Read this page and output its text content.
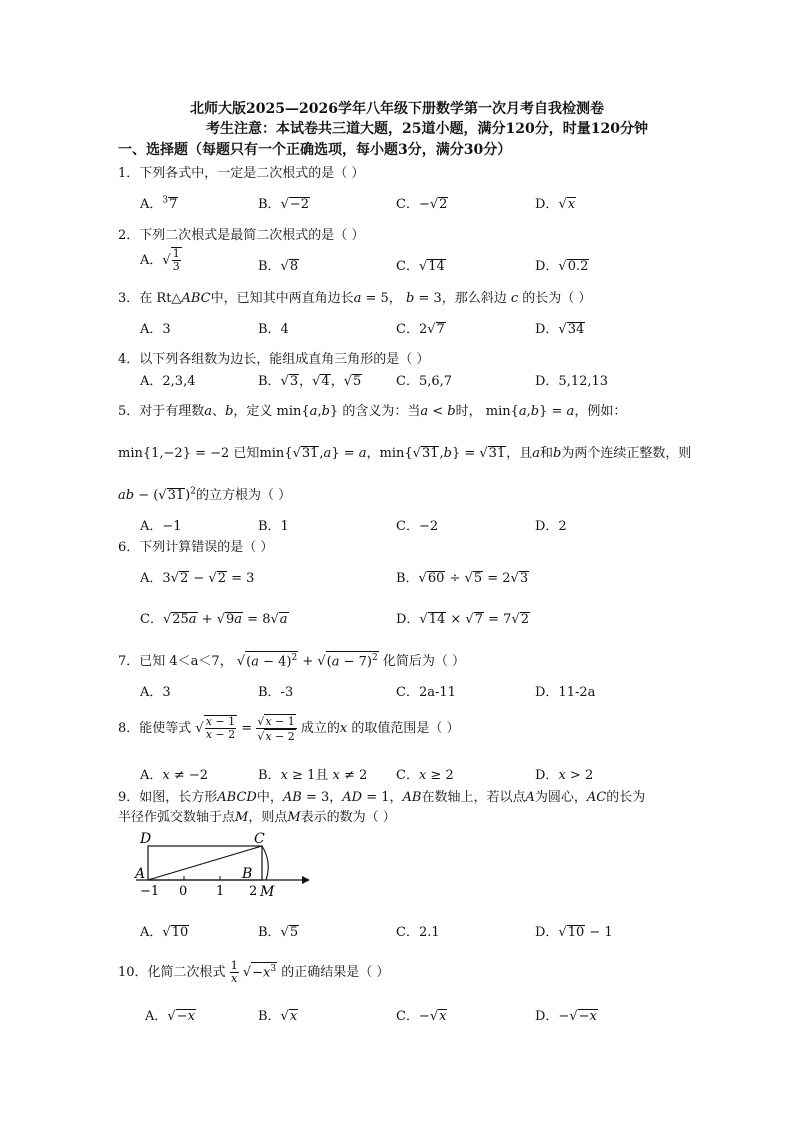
北师大版2025—2026学年八年级下册数学第一次月考自我检测卷
考生注意：本试卷共三道大题，25道小题，满分120分，时量120分钟
一、选择题（每题只有一个正确选项，每小题3分，满分30分）
1．下列各式中，一定是二次根式的是（ ）
A．$^3$7	B．√−2	C．−√2	D．√x
2．下列二次根式是最简二次根式的是（ ）
A．√ $\frac{1}{3}$	B．√8	C．√14	D．√0.2
3．在 Rt△ABC中，已知其中两直角边长a = 5， b = 3，那么斜边 c 的长为（ ）
A．3	B．4	C．2√7	D．√34
4．以下列各组数为边长，能组成直角三角形的是（ ）
A．2,3,4	B．√3，√4，√5	C．5,6,7	D．5,12,13
5．对于有理数a、b，定义 min{a,b} 的含义为：当a < b时， min{a,b} = a，例如：
min{1,−2} = −2 已知min{√31,a} = a，min{√31,b} = √31，且a和b为两个连续正整数，则
ab − $(√31)^2$的立方根为（ ）
A．−1	B．1	C．−2	D．2
6．下列计算错误的是（ ）
A．3√2 − √2 = 3	B．√60 ÷ √5 = 2√3
C．√25a + √9a = 8√a	D．√14 × √7 = 7√2
7．已知 4＜a＜7， $√(a - 4)^2 + √(a - 7)^2$ 化简后为（ ）
A．3	B．-3	C．2a-11	D．11-2a
8．能使等式 √ $\frac{x - 1}{x - 2} = \frac{√x - 1}{√x - 2}$ 成立的x 的取值范围是（ ）
A．x ≠ −2	B．x ≥ 1且 x ≠ 2 C．x ≥ 2	D．x > 2
9．如图，长方形ABCD中，AB = 3，AD = 1，AB在数轴上，若以点A为圆心，AC的长为
半径作弧交数轴于点M，则点M表示的数为（ ）
D	C
A	B
M
−1 0 1 2
A．√10	B．√5	C．2.1	D．√10 − 1
10．化简二次根式 $\frac{1}{x} √-x^3$ 的正确结果是（ ）
A．√−x	B．√x	C．−√x	D．−√−x
